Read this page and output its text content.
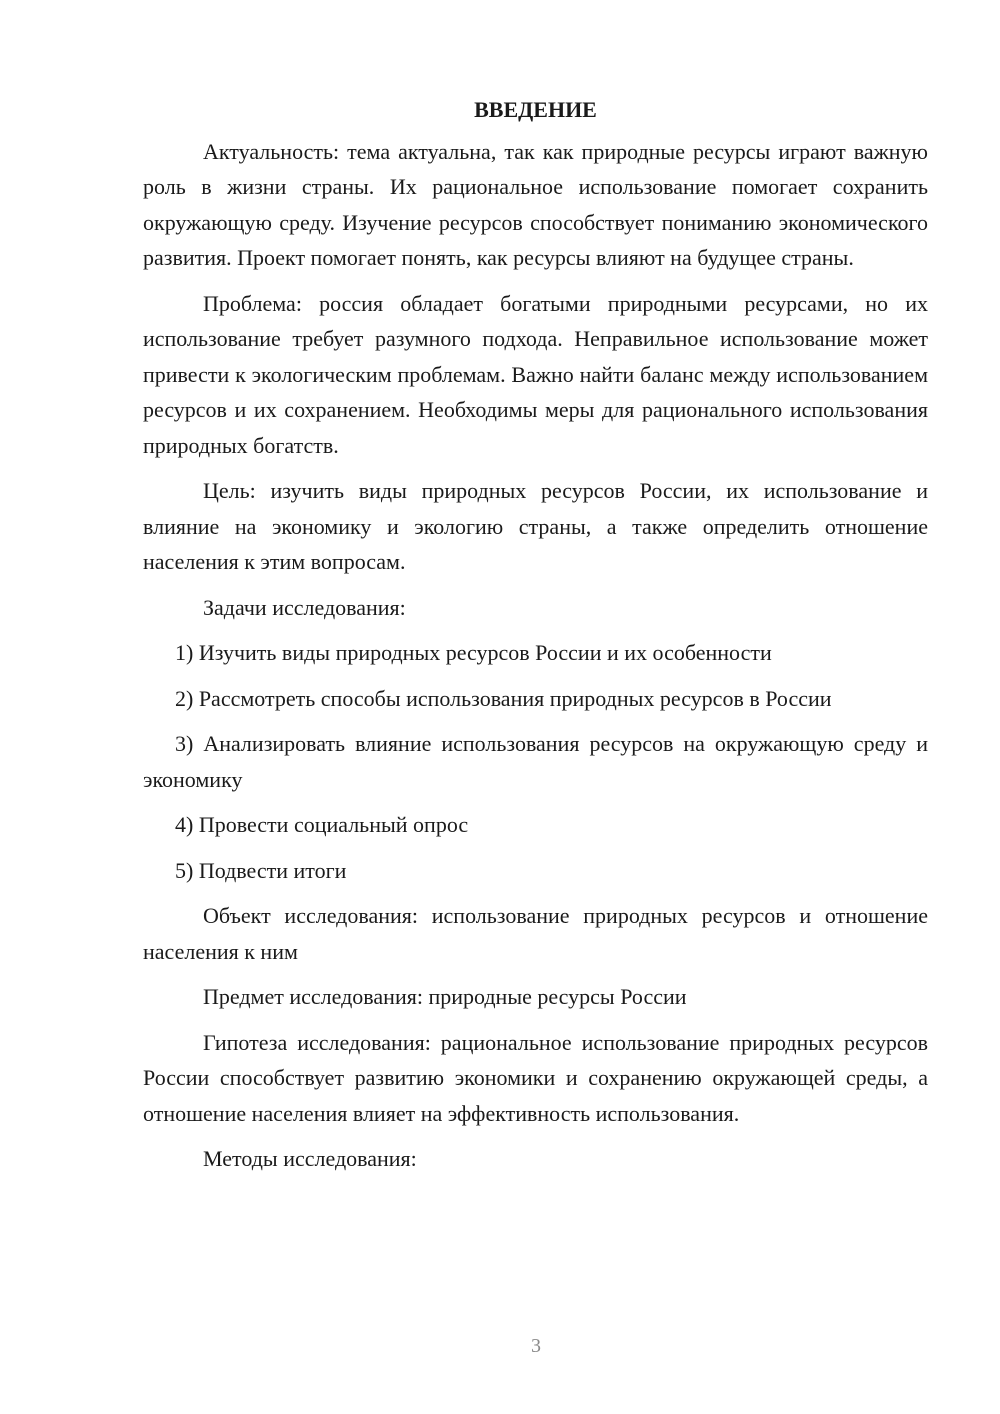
ВВЕДЕНИЕ

Актуальность: тема актуальна, так как природные ресурсы играют важную роль в жизни страны. Их рациональное использование помогает сохранить окружающую среду. Изучение ресурсов способствует пониманию экономического развития. Проект помогает понять, как ресурсы влияют на будущее страны.

Проблема: россия обладает богатыми природными ресурсами, но их использование требует разумного подхода. Неправильное использование может привести к экологическим проблемам. Важно найти баланс между использованием ресурсов и их сохранением. Необходимы меры для рационального использования природных богатств.

Цель: изучить виды природных ресурсов России, их использование и влияние на экономику и экологию страны, а также определить отношение населения к этим вопросам.

Задачи исследования:

1) Изучить виды природных ресурсов России и их особенности

2) Рассмотреть способы использования природных ресурсов в России

3) Анализировать влияние использования ресурсов на окружающую среду и экономику

4) Провести социальный опрос

5) Подвести итоги

Объект исследования: использование природных ресурсов и отношение населения к ним

Предмет исследования: природные ресурсы России

Гипотеза исследования: рациональное использование природных ресурсов России способствует развитию экономики и сохранению окружающей среды, а отношение населения влияет на эффективность использования.

Методы исследования:

3
